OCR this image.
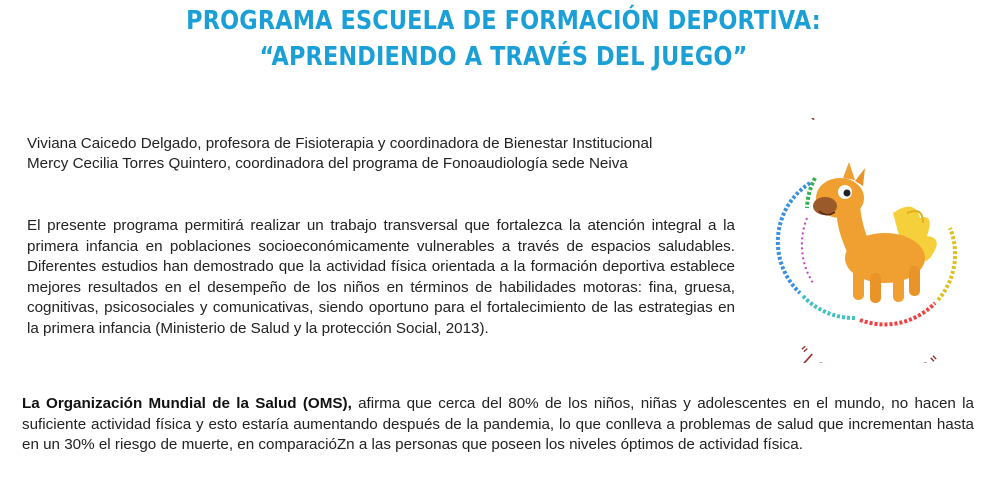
PROGRAMA ESCUELA DE FORMACIÓN DEPORTIVA:
“APRENDIENDO A TRAVÉS DEL JUEGO”
Viviana Caicedo Delgado, profesora de Fisioterapia y coordinadora de Bienestar Institucional
Mercy Cecilia Torres Quintero, coordinadora del programa de Fonoaudiología sede Neiva

El presente programa permitirá realizar un trabajo transversal que fortalezca la atención integral a la primera infancia en poblaciones socioeconómicamente vulnerables a través de espacios saludables. Diferentes estudios han demostrado que la actividad física orientada a la formación deportiva establece mejores resultados en el desempeño de los niños en términos de habilidades motoras: fina, gruesa, cognitivas, psicosociales y comunicativas, siendo oportuno para el fortalecimiento de las estrategias en la primera infancia (Ministerio de Salud y la protección Social, 2013).

La Organización Mundial de la Salud (OMS), afirma que cerca del 80% de los niños, niñas y adolescentes en el mundo, no hacen la suficiente actividad física y esto estaría aumentando después de la pandemia, lo que conlleva a problemas de salud que incrementan hasta en un 30% el riesgo de muerte, en comparacióZn a las personas que poseen los niveles óptimos de actividad física.

"L "
